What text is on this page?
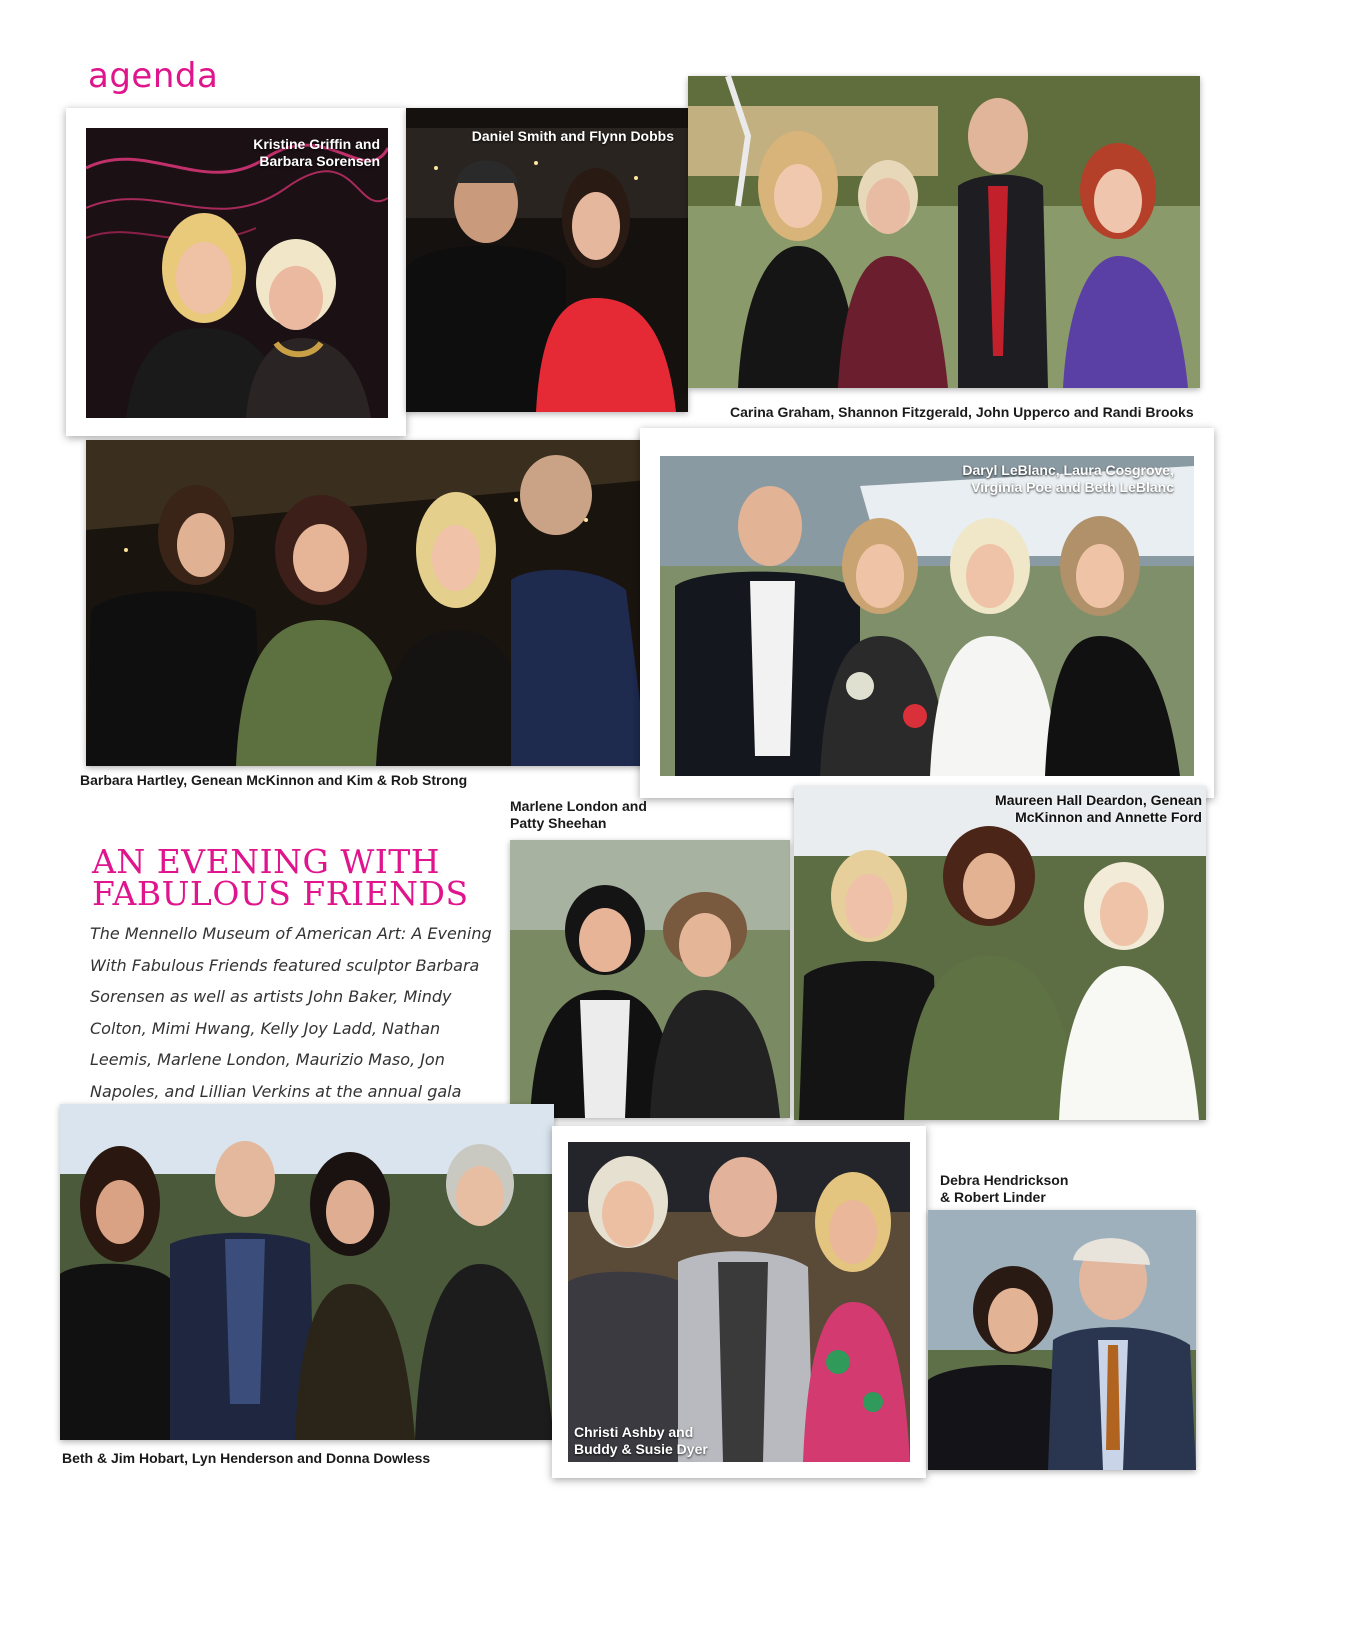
agenda
Kristine Griffin and
Barbara Sorensen
Daniel Smith and Flynn Dobbs
Carina Graham, Shannon Fitzgerald, John Upperco and Randi Brooks
Barbara Hartley, Genean McKinnon and Kim & Rob Strong
Daryl LeBlanc, Laura Cosgrove,
Virginia Poe and Beth LeBlanc
AN EVENING WITH
FABULOUS FRIENDS
The Mennello Museum of American Art: A Evening With Fabulous Friends featured sculptor Barbara Sorensen as well as artists John Baker, Mindy Colton, Mimi Hwang, Kelly Joy Ladd, Nathan Leemis, Marlene London, Maurizio Maso, Jon Napoles, and Lillian Verkins at the annual gala
Marlene London and
Patty Sheehan
Maureen Hall Deardon, Genean
McKinnon and Annette Ford
Beth & Jim Hobart, Lyn Henderson and Donna Dowless
Christi Ashby and
Buddy & Susie Dyer
Debra Hendrickson
& Robert Linder
